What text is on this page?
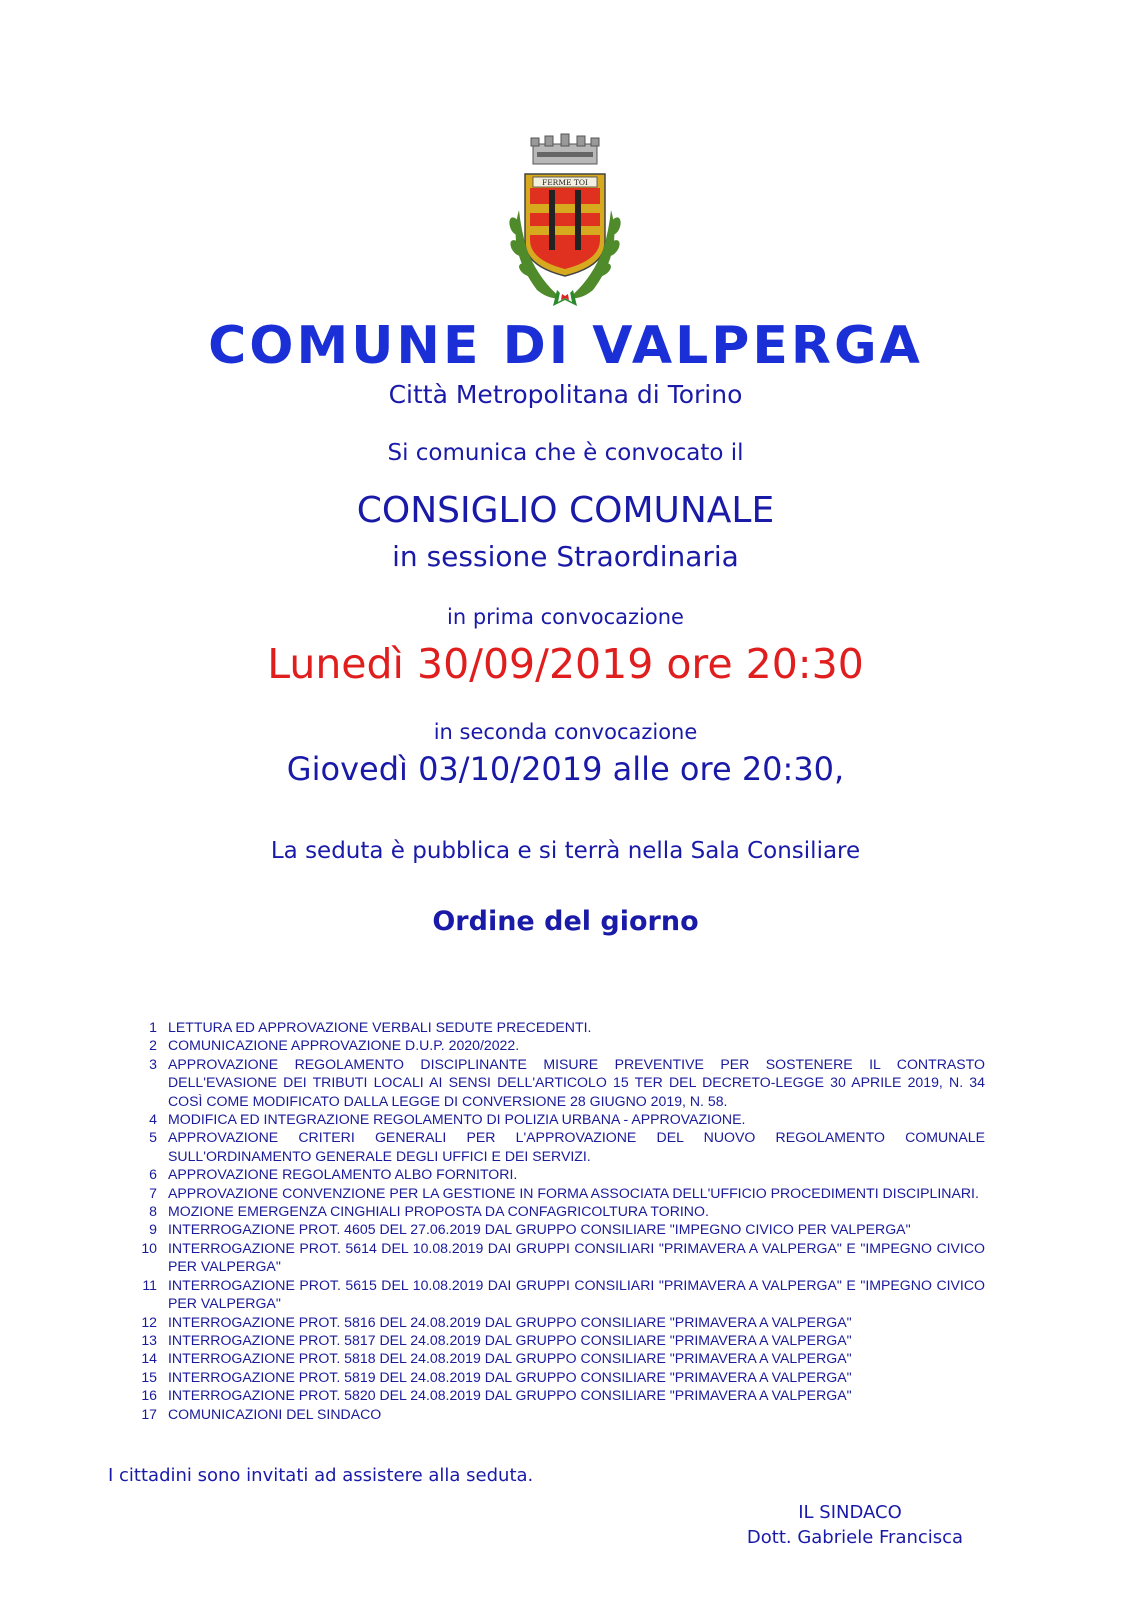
FERME TOI
COMUNE DI VALPERGA
Città Metropolitana di Torino
Si comunica che è convocato il
CONSIGLIO COMUNALE
in sessione Straordinaria
in prima convocazione
Lunedì 30/09/2019 ore 20:30
in seconda convocazione
Giovedì 03/10/2019 alle ore 20:30,
La seduta è pubblica e si terrà nella Sala Consiliare
Ordine del giorno
1 LETTURA ED APPROVAZIONE VERBALI SEDUTE PRECEDENTI.
2 COMUNICAZIONE APPROVAZIONE D.U.P. 2020/2022.
3 APPROVAZIONE REGOLAMENTO DISCIPLINANTE MISURE PREVENTIVE PER SOSTENERE IL CONTRASTO DELL'EVASIONE DEI TRIBUTI LOCALI AI SENSI DELL'ARTICOLO 15 TER DEL DECRETO-LEGGE 30 APRILE 2019, N. 34 COSÌ COME MODIFICATO DALLA LEGGE DI CONVERSIONE 28 GIUGNO 2019, N. 58.
4 MODIFICA ED INTEGRAZIONE REGOLAMENTO DI POLIZIA URBANA - APPROVAZIONE.
5 APPROVAZIONE CRITERI GENERALI PER L'APPROVAZIONE DEL NUOVO REGOLAMENTO COMUNALE SULL'ORDINAMENTO GENERALE DEGLI UFFICI E DEI SERVIZI.
6 APPROVAZIONE REGOLAMENTO ALBO FORNITORI.
7 APPROVAZIONE CONVENZIONE PER LA GESTIONE IN FORMA ASSOCIATA DELL'UFFICIO PROCEDIMENTI DISCIPLINARI.
8 MOZIONE EMERGENZA CINGHIALI PROPOSTA DA CONFAGRICOLTURA TORINO.
9 INTERROGAZIONE PROT. 4605 DEL 27.06.2019 DAL GRUPPO CONSILIARE "IMPEGNO CIVICO PER VALPERGA"
10 INTERROGAZIONE PROT. 5614 DEL 10.08.2019 DAI GRUPPI CONSILIARI "PRIMAVERA A VALPERGA" E "IMPEGNO CIVICO PER VALPERGA"
11 INTERROGAZIONE PROT. 5615 DEL 10.08.2019 DAI GRUPPI CONSILIARI "PRIMAVERA A VALPERGA" E "IMPEGNO CIVICO PER VALPERGA"
12 INTERROGAZIONE PROT. 5816 DEL 24.08.2019 DAL GRUPPO CONSILIARE "PRIMAVERA A VALPERGA"
13 INTERROGAZIONE PROT. 5817 DEL 24.08.2019 DAL GRUPPO CONSILIARE "PRIMAVERA A VALPERGA"
14 INTERROGAZIONE PROT. 5818 DEL 24.08.2019 DAL GRUPPO CONSILIARE "PRIMAVERA A VALPERGA"
15 INTERROGAZIONE PROT. 5819 DEL 24.08.2019 DAL GRUPPO CONSILIARE "PRIMAVERA A VALPERGA"
16 INTERROGAZIONE PROT. 5820 DEL 24.08.2019 DAL GRUPPO CONSILIARE "PRIMAVERA A VALPERGA"
17 COMUNICAZIONI DEL SINDACO
I cittadini sono invitati ad assistere alla seduta.
IL SINDACO
Dott. Gabriele Francisca
